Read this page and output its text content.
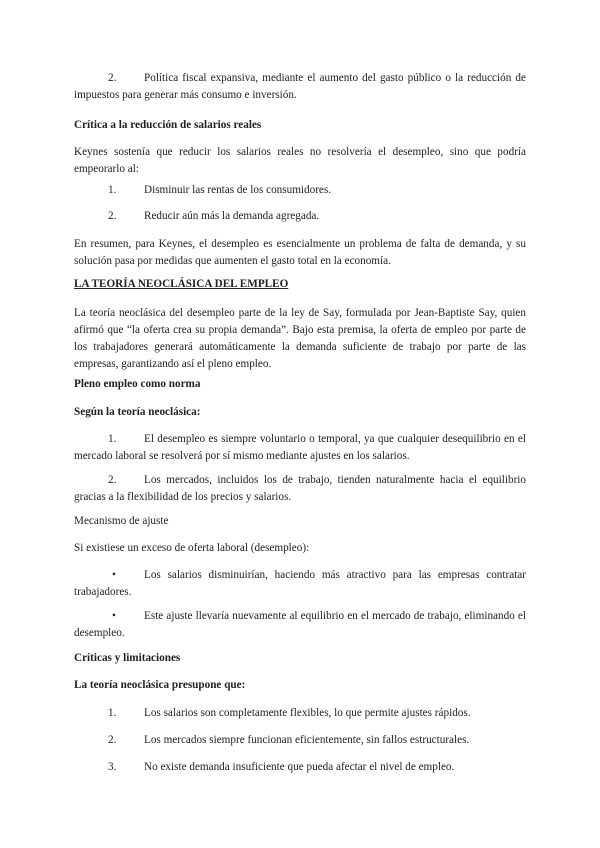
2.	Política fiscal expansiva, mediante el aumento del gasto público o la reducción de impuestos para generar más consumo e inversión.
Crítica a la reducción de salarios reales
Keynes sostenía que reducir los salarios reales no resolvería el desempleo, sino que podría empeorarlo al:
1.	Disminuir las rentas de los consumidores.
2.	Reducir aún más la demanda agregada.
En resumen, para Keynes, el desempleo es esencialmente un problema de falta de demanda, y su solución pasa por medidas que aumenten el gasto total en la economía.
LA TEORÍA NEOCLÁSICA DEL EMPLEO
La teoría neoclásica del desempleo parte de la ley de Say, formulada por Jean-Baptiste Say, quien afirmó que “la oferta crea su propia demanda”. Bajo esta premisa, la oferta de empleo por parte de los trabajadores generará automáticamente la demanda suficiente de trabajo por parte de las empresas, garantizando así el pleno empleo.
Pleno empleo como norma
Según la teoría neoclásica:
1.	El desempleo es siempre voluntario o temporal, ya que cualquier desequilibrio en el mercado laboral se resolverá por sí mismo mediante ajustes en los salarios.
2.	Los mercados, incluidos los de trabajo, tienden naturalmente hacia el equilibrio gracias a la flexibilidad de los precios y salarios.
Mecanismo de ajuste
Si existiese un exceso de oferta laboral (desempleo):
•	Los salarios disminuirían, haciendo más atractivo para las empresas contratar trabajadores.
•	Este ajuste llevaría nuevamente al equilibrio en el mercado de trabajo, eliminando el desempleo.
Críticas y limitaciones
La teoría neoclásica presupone que:
1.	Los salarios son completamente flexibles, lo que permite ajustes rápidos.
2.	Los mercados siempre funcionan eficientemente, sin fallos estructurales.
3.	No existe demanda insuficiente que pueda afectar el nivel de empleo.
